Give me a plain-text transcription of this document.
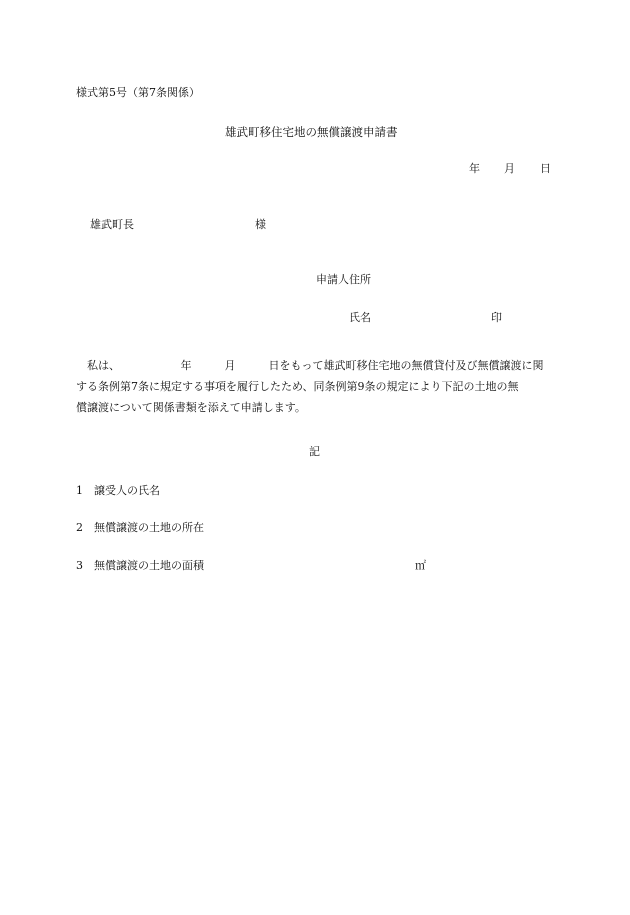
様式第5号（第7条関係）
雄武町移住宅地の無償譲渡申請書
年 月 日
雄武町長	様
申請人住所
氏名	印
　私は、　　　　　　年　　　月　　　日をもって雄武町移住宅地の無償貸付及び無償譲渡に関
する条例第7条に規定する事項を履行したため、同条例第9条の規定により下記の土地の無
償譲渡について関係書類を添えて申請します。
記
1 譲受人の氏名
2 無償譲渡の土地の所在
3 無償譲渡の土地の面積	㎡
